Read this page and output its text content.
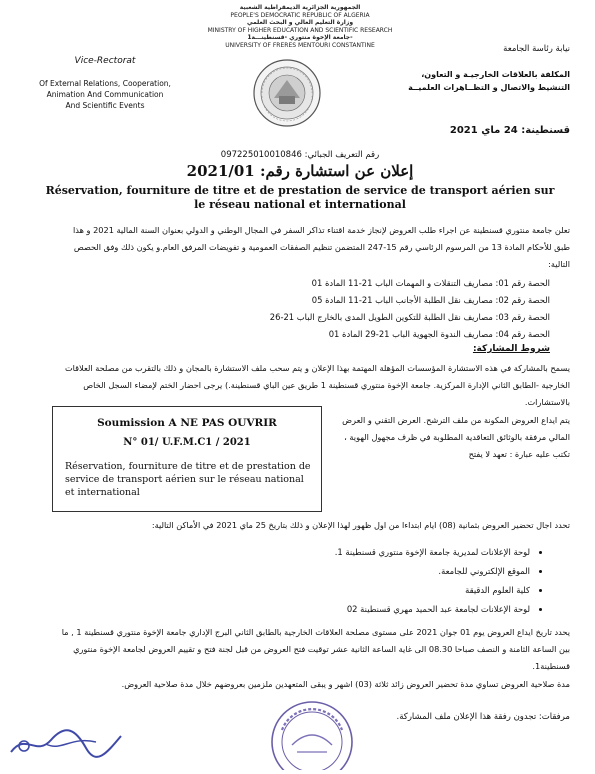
الجمهورية الجزائرية الديمقراطية الشعبية
PEOPLE'S DEMOCRATIC REPUBLIC OF ALGERIA
وزارة التعليم العالي و البحث العلمي
MINISTRY OF HIGHER EDUCATION AND SCIENTIFIC RESEARCH
جامعة الإخوة منتوري -قسنطينـــة1-
UNIVERSITY OF FRERES MENTOURI CONSTANTINE
Vice-Rectorat
Of External Relations, Cooperation,
Animation And Communication
And Scientific Events
نيابة رئاسة الجامعة
المكلفة بالعلاقات الخارجيـة و التعاون،
التنشيط والاتصال و التظــاهرات العلميــة
قسنطينة: 24 ماي 2021
رقم التعريف الجبائي: 097225010010846
إعلان عن استشارة رقم: 2021/01
Réservation, fourniture de titre et de prestation de service de transport aérien sur le réseau national et international
تعلن جامعة منتوري قسنطينة عن اجراء طلب العروض لإنجاز خدمة اقتناء تذاكر السفر في المجال الوطني و الدولي بعنوان السنة المالية 2021 و هذا طبق للأحكام المادة 13 من المرسوم الرئاسي رقم 15-247 المتضمن تنظيم الصفقات العمومية و تفويضات المرفق العام.و يكون ذلك وفق الحصص التالية:
الحصة رقم 01: مصاريف التنقلات و المهمات الباب 21-11 المادة 01
الحصة رقم 02: مصاريف نقل الطلبة الأجانب الباب 21-11 المادة 05
الحصة رقم 03: مصاريف نقل الطلبة للتكوين الطويل المدى بالخارج الباب 21-26
الحصة رقم 04: مصاريف الندوة الجهوية الباب 21-29 المادة 01
شروط المشاركة:
يسمح بالمشاركة في هذه الاستشارة المؤسسات المؤهلة المهتمة بهذا الإعلان و يتم سحب ملف الاستشارة بالمجان و ذلك بالتقرب من مصلحة العلاقات الخارجية -الطابق الثاني الإدارة المركزية. جامعة الإخوة منتوري قسنطينة 1 طريق عين الباي قسنطينة.) يرجى احضار الختم لإمضاء السجل الخاص بالاستشارات.
يتم ايداع العروض المكونة من ملف الترشح. العرض التقني و العرض المالي مرفقة بالوثائق التعاقدية المطلوبة في ظرف مجهول الهوية ، تكتب عليه عبارة : تعهد لا يفتح
Soumission A NE PAS OUVRIR
N° 01/ U.F.M.C1 / 2021
Réservation, fourniture de titre et de prestation de service de transport aérien sur le réseau national et international
تحدد اجال تحضير العروض بثمانية (08) ايام ابتداءا من اول ظهور لهذا الإعلان و ذلك بتاريخ 25 ماي 2021 في الأماكن التالية:
• لوحة الإعلانات لمديرية جامعة الإخوة منتوري قسنطينة 1.
• الموقع الإلكتروني للجامعة.
• كلية العلوم الدقيقة
• لوحة الإعلانات لجامعة عبد الحميد مهري قسنطينة 02
يحدد تاريخ ايداع العروض يوم 01 جوان 2021 على مستوى مصلحة العلاقات الخارجية بالطابق الثاني البرج الإداري جامعة الإخوة منتوري قسنطينة 1 , ما بين الساعة الثامنة و النصف صباحا 08.30 الى غاية الساعة الثانية عشر توقيت فتح العروض من قبل لجنة فتح و تقييم العروض لجامعة الإخوة منتوري قسنطينة1.
مدة صلاحية العروض تساوي مدة تحضير العروض زائد ثلاثة (03) اشهر و يبقى المتعهدين ملزمين بعروضهم خلال مدة صلاحية العروض.
مرفقات: تجدون رفقة هذا الإعلان ملف المشاركة.
